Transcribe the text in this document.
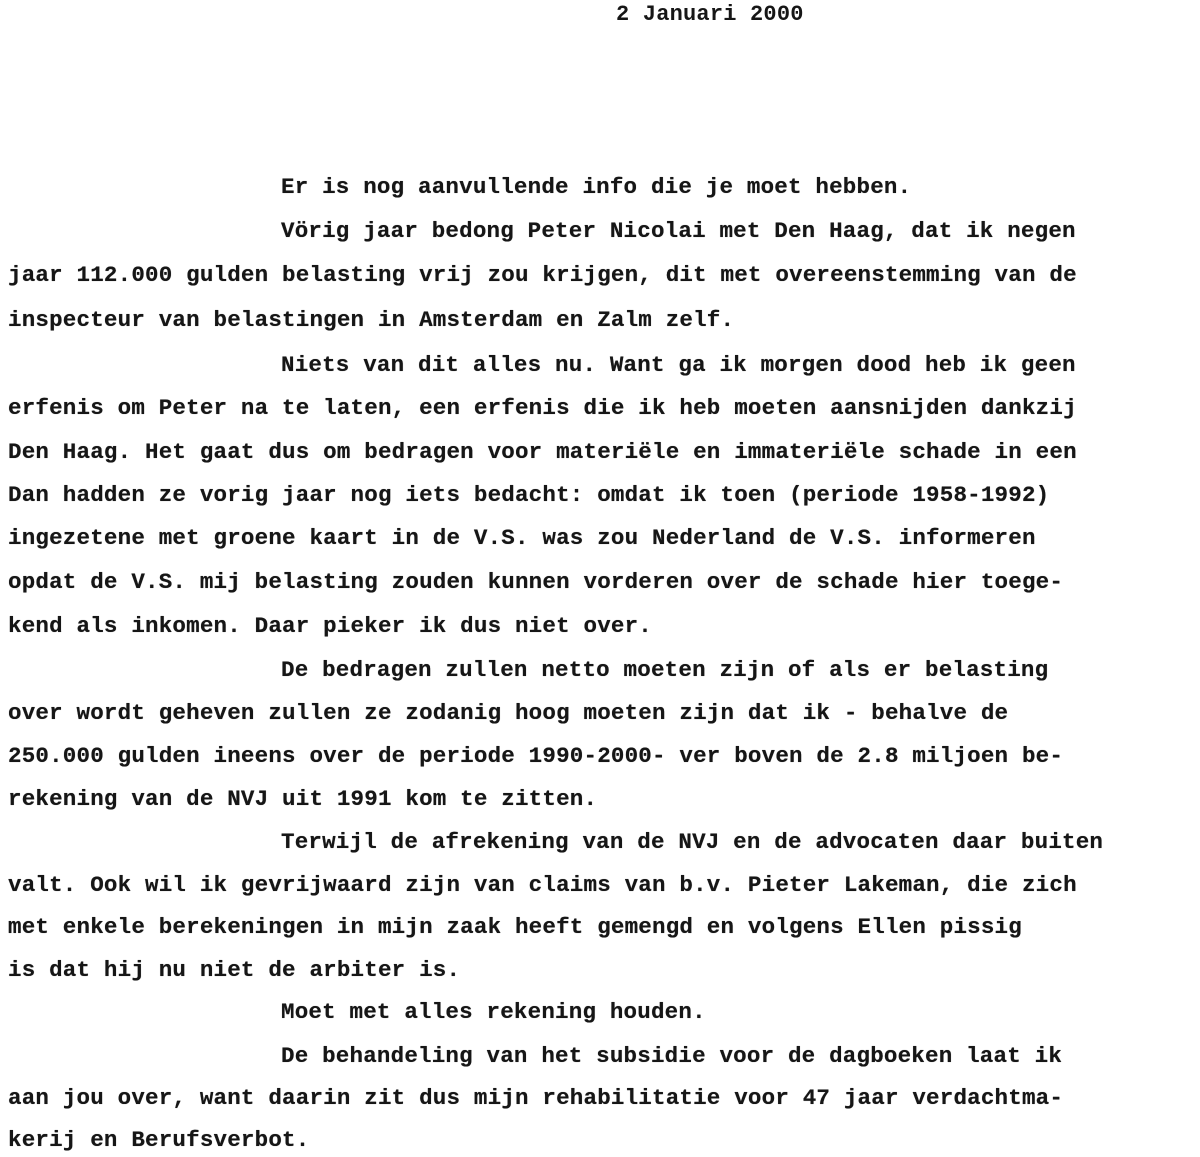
2 Januari 2000
Er is nog aanvullende info die je moet hebben.
Vörig jaar bedong Peter Nicolai met Den Haag, dat ik negen
jaar 112.000 gulden belasting vrij zou krijgen, dit met overeenstemming van de
inspecteur van belastingen in Amsterdam en Zalm zelf.
Niets van dit alles nu. Want ga ik morgen dood heb ik geen
erfenis om Peter na te laten, een erfenis die ik heb moeten aansnijden dankzij
Den Haag. Het gaat dus om bedragen voor materiële en immateriële schade in een
Dan hadden ze vorig jaar nog iets bedacht: omdat ik toen (periode 1958-1992)
ingezetene met groene kaart in de V.S. was zou Nederland de V.S. informeren
opdat de V.S. mij belasting zouden kunnen vorderen over de schade hier toege-
kend als inkomen. Daar pieker ik dus niet over.
De bedragen zullen netto moeten zijn of als er belasting
over wordt geheven zullen ze zodanig hoog moeten zijn dat ik - behalve de
250.000 gulden ineens over de periode 1990-2000- ver boven de 2.8 miljoen be-
rekening van de NVJ uit 1991 kom te zitten.
Terwijl de afrekening van de NVJ en de advocaten daar buiten
valt. Ook wil ik gevrijwaard zijn van claims van b.v. Pieter Lakeman, die zich
met enkele berekeningen in mijn zaak heeft gemengd en volgens Ellen pissig
is dat hij nu niet de arbiter is.
Moet met alles rekening houden.
De behandeling van het subsidie voor de dagboeken laat ik
aan jou over, want daarin zit dus mijn rehabilitatie voor 47 jaar verdachtma-
kerij en Berufsverbot.
